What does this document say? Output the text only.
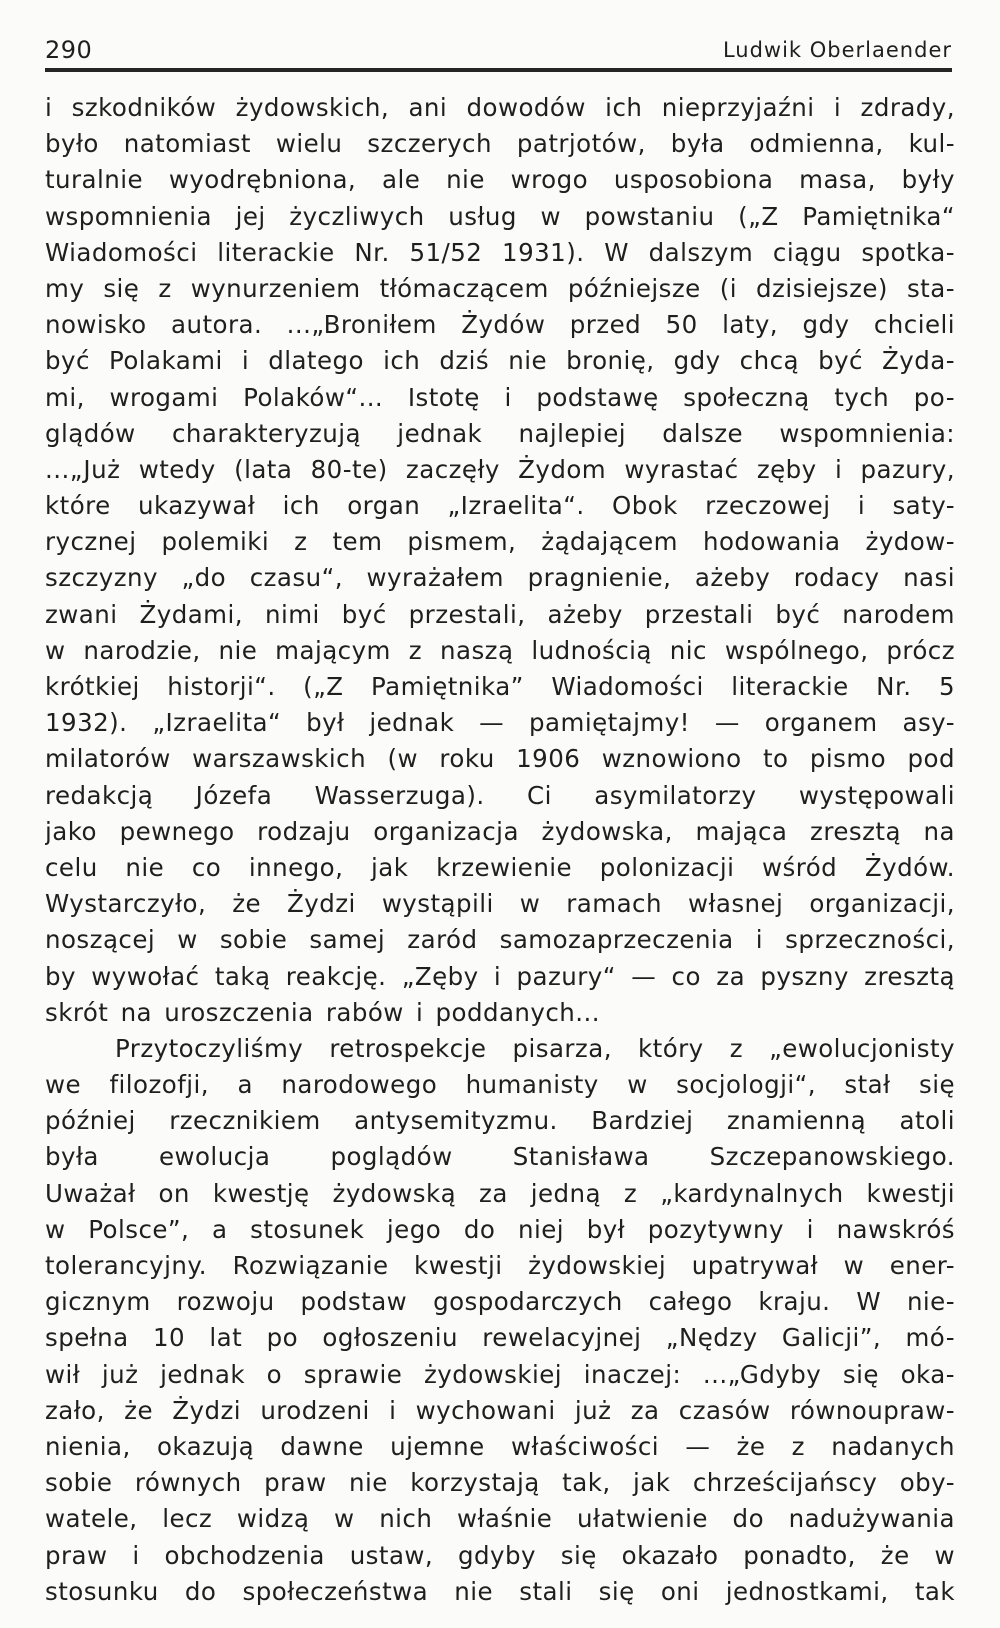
290	Ludwik Oberlaender
i szkodników żydowskich, ani dowodów ich nieprzyjaźni i zdrady,
było natomiast wielu szczerych patrjotów, była odmienna, kul-
turalnie wyodrębniona, ale nie wrogo usposobiona masa, były
wspomnienia jej życzliwych usług w powstaniu („Z Pamiętnika“
Wiadomości literackie Nr. 51/52 1931). W dalszym ciągu spotka-
my się z wynurzeniem tłómaczącem późniejsze (i dzisiejsze) sta-
nowisko autora. ...„Broniłem Żydów przed 50 laty, gdy chcieli
być Polakami i dlatego ich dziś nie bronię, gdy chcą być Żyda-
mi, wrogami Polaków“... Istotę i podstawę społeczną tych po-
glądów charakteryzują jednak najlepiej dalsze wspomnienia:
...„Już wtedy (lata 80-te) zaczęły Żydom wyrastać zęby i pazury,
które ukazywał ich organ „Izraelita“. Obok rzeczowej i saty-
rycznej polemiki z tem pismem, żądającem hodowania żydow-
szczyzny „do czasu“, wyrażałem pragnienie, ażeby rodacy nasi
zwani Żydami, nimi być przestali, ażeby przestali być narodem
w narodzie, nie mającym z naszą ludnością nic wspólnego, prócz
krótkiej historji“. („Z Pamiętnika” Wiadomości literackie Nr. 5
1932). „Izraelita“ był jednak — pamiętajmy! — organem asy-
milatorów warszawskich (w roku 1906 wznowiono to pismo pod
redakcją Józefa Wasserzuga). Ci asymilatorzy występowali
jako pewnego rodzaju organizacja żydowska, mająca zresztą na
celu nie co innego, jak krzewienie polonizacji wśród Żydów.
Wystarczyło, że Żydzi wystąpili w ramach własnej organizacji,
noszącej w sobie samej zaród samozaprzeczenia i sprzeczności,
by wywołać taką reakcję. „Zęby i pazury“ — co za pyszny zresztą
skrót na uroszczenia rabów i poddanych...
Przytoczyliśmy retrospekcje pisarza, który z „ewolucjonisty
we filozofji, a narodowego humanisty w socjologji“, stał się
później rzecznikiem antysemityzmu. Bardziej znamienną atoli
była ewolucja poglądów Stanisława Szczepanowskiego.
Uważał on kwestję żydowską za jedną z „kardynalnych kwestji
w Polsce”, a stosunek jego do niej był pozytywny i nawskróś
tolerancyjny. Rozwiązanie kwestji żydowskiej upatrywał w ener-
gicznym rozwoju podstaw gospodarczych całego kraju. W nie-
spełna 10 lat po ogłoszeniu rewelacyjnej „Nędzy Galicji”, mó-
wił już jednak o sprawie żydowskiej inaczej: ...„Gdyby się oka-
zało, że Żydzi urodzeni i wychowani już za czasów równoupraw-
nienia, okazują dawne ujemne właściwości — że z nadanych
sobie równych praw nie korzystają tak, jak chrześcijańscy oby-
watele, lecz widzą w nich właśnie ułatwienie do nadużywania
praw i obchodzenia ustaw, gdyby się okazało ponadto, że w
stosunku do społeczeństwa nie stali się oni jednostkami, tak
